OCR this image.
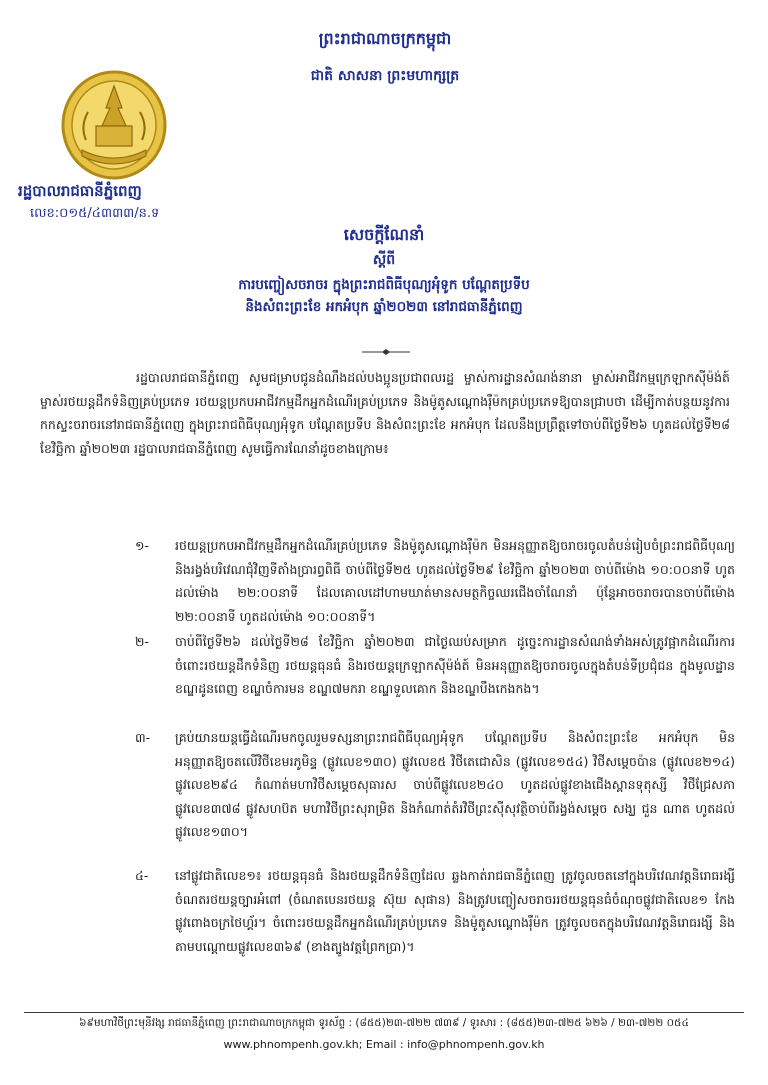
ព្រះរាជាណាចក្រកម្ពុជា
ជាតិ សាសនា ព្រះមហាក្សត្រ
រដ្ឋបាលរាជធានីភ្នំពេញ
លេខ:០១៥/៤៣៣៣/ន.ទ
សេចក្តីណែនាំ
ស្តីពី
ការបញ្ចៀសចរាចរ ក្នុងព្រះរាជពិធីបុណ្យអុំទូក បណ្តែតប្រទីប
និងសំពះព្រះខែ អកអំបុក ឆ្នាំ២០២៣ នៅរាជធានីភ្នំពេញ
រដ្ឋបាលរាជធានីភ្នំពេញ សូមជម្រាបជូនដំណឹងដល់បងប្អូនប្រជាពលរដ្ឋ ម្ចាស់ការដ្ឋានសំណង់នានា ម្ចាស់អាជីវកម្មក្រេឡាកស៊ីម៉ង់ត៍ ម្ចាស់រថយន្តដឹកទំនិញគ្រប់ប្រភេទ រថយន្តប្រកបអាជីវកម្មដឹកអ្នកដំណើរគ្រប់ប្រភេទ និងម៉ូតូសណ្តោងរ៉ឺម៉កគ្រប់ប្រភេទឱ្យបានជ្រាបថា ដើម្បីកាត់បន្ថយនូវការកកស្ទះចរាចរនៅរាជធានីភ្នំពេញ ក្នុងព្រះរាជពិធីបុណ្យអុំទូក បណ្តែតប្រទីប និងសំពះព្រះខែ អកអំបុក ដែលនឹងប្រព្រឹត្តទៅចាប់ពីថ្ងៃទី២៦ ហូតដល់ថ្ងៃទី២៨ ខែវិច្ឆិកា ឆ្នាំ២០២៣ រដ្ឋបាលរាជធានីភ្នំពេញ សូមធ្វើការណែនាំដូចខាងក្រោម៖
១-	រថយន្តប្រកបអាជីវកម្មដឹកអ្នកដំណើរគ្រប់ប្រភេទ និងម៉ូតូសណ្តោងរ៉ឺម៉ក មិនអនុញ្ញាតឱ្យចរាចរចូលតំបន់រៀបចំព្រះរាជពិធីបុណ្យ និងរង្វង់បរិវេណជុំវិញទីតាំងប្រារព្ធពិធី ចាប់ពីថ្ងៃទី២៥ ហូតដល់ថ្ងៃទី២៩ ខែវិច្ឆិកា ឆ្នាំ២០២៣ ចាប់ពីម៉ោង ១០:០០នាទី ហូតដល់ម៉ោង ២២:០០នាទី ដែលគោលដៅហាមឃាត់មានសមត្ថកិច្ចឈរជើងចាំណែនាំ ប៉ុន្តែអាចចរាចរបានចាប់ពីម៉ោង ២២:០០នាទី ហូតដល់ម៉ោង ១០:០០នាទី។
២-	ចាប់ពីថ្ងៃទី២៦ ដល់ថ្ងៃទី២៨ ខែវិច្ឆិកា ឆ្នាំ២០២៣ ជាថ្ងៃឈប់សម្រាក ដូច្នេះការដ្ឋានសំណង់ទាំងអស់ត្រូវផ្អាកដំណើរការ ចំពោះរថយន្តដឹកទំនិញ រថយន្តធុនធំ និងរថយន្តក្រេឡាកស៊ីម៉ង់ត៍ មិនអនុញ្ញាតឱ្យចរាចរចូលក្នុងតំបន់ទីប្រជុំជន ក្នុងមូលដ្ឋានខណ្ឌដូនពេញ ខណ្ឌចំការមន ខណ្ឌ៧មករា ខណ្ឌទួលគោក និងខណ្ឌបឹងកេងកង។
៣-	គ្រប់យានយន្តធ្វើដំណើរមកចូលរួមទស្សនាព្រះរាជពិធីបុណ្យអុំទូក បណ្តែតប្រទីប និងសំពះព្រះខែ អកអំបុក មិនអនុញ្ញាតឱ្យចតលើវិថីខេមរភូមិន្ទ (ផ្លូវលេខ១៣០) ផ្លូវលេខ៥ វិថីតេជោសិន (ផ្លូវលេខ១៥៤) វិថីសម្តេចប៉ាន (ផ្លូវលេខ២១៤) ផ្លូវលេខ២៩៤ កំណាត់មហាវិថីសម្តេចសុធារស ចាប់ពីផ្លូវលេខ២៤០ ហូតដល់ផ្លូវខាងជើងស្ពានទុតុស្សី វិថីជ្រែសភា ផ្លូវលេខ៣៧៨ ផ្លូវសហប៊ត មហាវិថីព្រះសុរាម្រិត និងកំណាត់តំរវិថីព្រះស៊ីសុវត្ថិចាប់ពីរង្វង់សម្តេច សង្ឃ ជួន ណាត ហូតដល់ផ្លូវលេខ១៣០។
៤-	នៅផ្លូវជាតិលេខ១៖ រថយន្តធុនធំ និងរថយន្តដឹកទំនិញដែល ឆ្លងកាត់រាជធានីភ្នំពេញ ត្រូវចូលចតនៅក្នុងបរិវេណវត្តនិរោធរង្សី ចំណតរថយន្តច្បារអំពៅ (ចំណតបេនរថយន្ត ស៊ុយ សុផាន) និងត្រូវបញ្ចៀសចរាចររថយន្តធុនធំចំណុចផ្លូវជាតិលេខ១ កែងផ្លូវពោងចក្រថៃហ្គ័រ។ ចំពោះរថយន្តដឹកអ្នកដំណើរគ្រប់ប្រភេទ និងម៉ូតូសណ្តោងរ៉ឺម៉ក ត្រូវចូលចតក្នុងបរិវេណវត្តនិរោធរង្សី និងតាមបណ្តោយផ្លូវលេខ៣៦៩ (ខាងត្បូងវត្តព្រែកប្រា)។
៦៩មហាវិថីព្រះមុនីវង្ស រាជធានីភ្នំពេញ ព្រះរាជាណាចក្រកម្ពុជា ទូរស័ព្ទ : (៨៥៥)២៣-៧២២ ៧៣៩ / ទូរសារ : (៨៥៥)២៣-៧២៥ ៦២៦ / ២៣-៧២២ ០៥៤
www.phnompenh.gov.kh; Email : info@phnompenh.gov.kh
